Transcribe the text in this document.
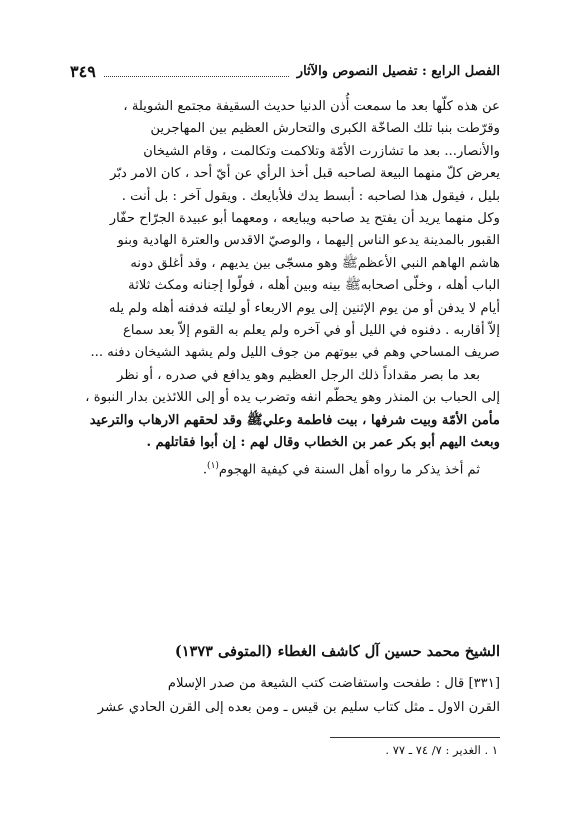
الفصل الرابع : تفصيل النصوص والآثار
٣٤٩

عن هذه كلّها بعد ما سمعت أُذن الدنيا حديث السقيفة مجتمع الشويلة ،

وقرّطت بنبا تلك الصاخّة الكبرى والتحارش العظيم بين المهاجرين

والأنصار... بعد ما تشازرت الأمّة وتلاكمت وتكالمت ، وقام الشيخان

يعرض كلّ منهما البيعة لصاحبه قبل أخذ الرأي عن أيّ أحد ، كان الامر دبّر

بليل ، فيقول هذا لصاحبه : أبسط يدك فلأبايعك . ويقول آخر : بل أنت .

وكل منهما يريد أن يفتح يد صاحبه ويبايعه ، ومعهما أبو عبيدة الجرّاح حفّار

القبور بالمدينة يدعو الناس إليهما ، والوصيّ الاقدس والعترة الهادية وبنو

هاشم الهاهم النبي الأعظمﷺ وهو مسجّى بين يديهم ، وقد أغلق دونه

الباب أهله ، وخلّى اصحابهﷺ بينه وبين أهله ، فولّوا إجنانه ومكث ثلاثة

أيام لا يدفن أو من يوم الإثنين إلى يوم الاربعاء أو ليلته فدفنه أهله ولم يله

إلاّ أقاربه . دفنوه في الليل أو في آخره ولم يعلم به القوم إلاّ بعد سماع

صريف المساحي وهم في بيوتهم من جوف الليل ولم يشهد الشيخان دفنه ...

بعد ما بصر مقداداً ذلك الرجل العظيم وهو يدافع في صدره ، أو نظر

إلى الحباب بن المنذر وهو يحطّم انفه وتضرب يده أو إلى اللائذين بدار النبوة ،

مأمن الأمّة وبيت شرفها ، بيت فاطمة وعليﷺ وقد لحقهم الارهاب والترعيد

وبعث اليهم أبو بكر عمر بن الخطاب وقال لهم : إن أبوا فقاتلهم .

ثم أخذ يذكر ما رواه أهل السنة في كيفية الهجوم$^{(١)}$.

الشيخ محمد حسين آل كاشف الغطاء (المتوفى ١٣٧٣)

[٣٣١] قال : طفحت واستفاضت كتب الشيعة من صدر الإسلام

القرن الاول ـ مثل كتاب سليم بن قيس ـ ومن بعده إلى القرن الحادي عشر

١ . الغدير : ٧/ ٧٤ ـ ٧٧ .
